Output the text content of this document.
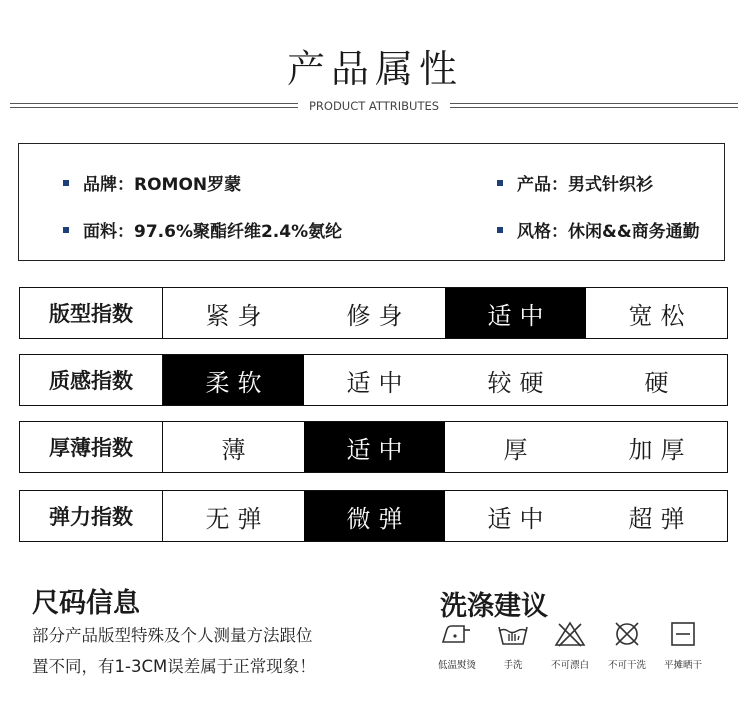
产品属性
PRODUCT ATTRIBUTES
品牌：ROMON罗蒙	产品：男式针织衫
面料：97.6%聚酯纤维2.4%氨纶	风格：休闲&&商务通勤
版型指数	紧身	修身	适中	宽松
质感指数	柔软	适中	较硬	硬
厚薄指数	薄	适中	厚	加厚
弹力指数	无弹	微弹	适中	超弹
尺码信息
部分产品版型特殊及个人测量方法跟位
置不同，有1-3CM误差属于正常现象！
洗涤建议
低温熨烫	手洗	不可漂白	不可干洗	平摊晒干
